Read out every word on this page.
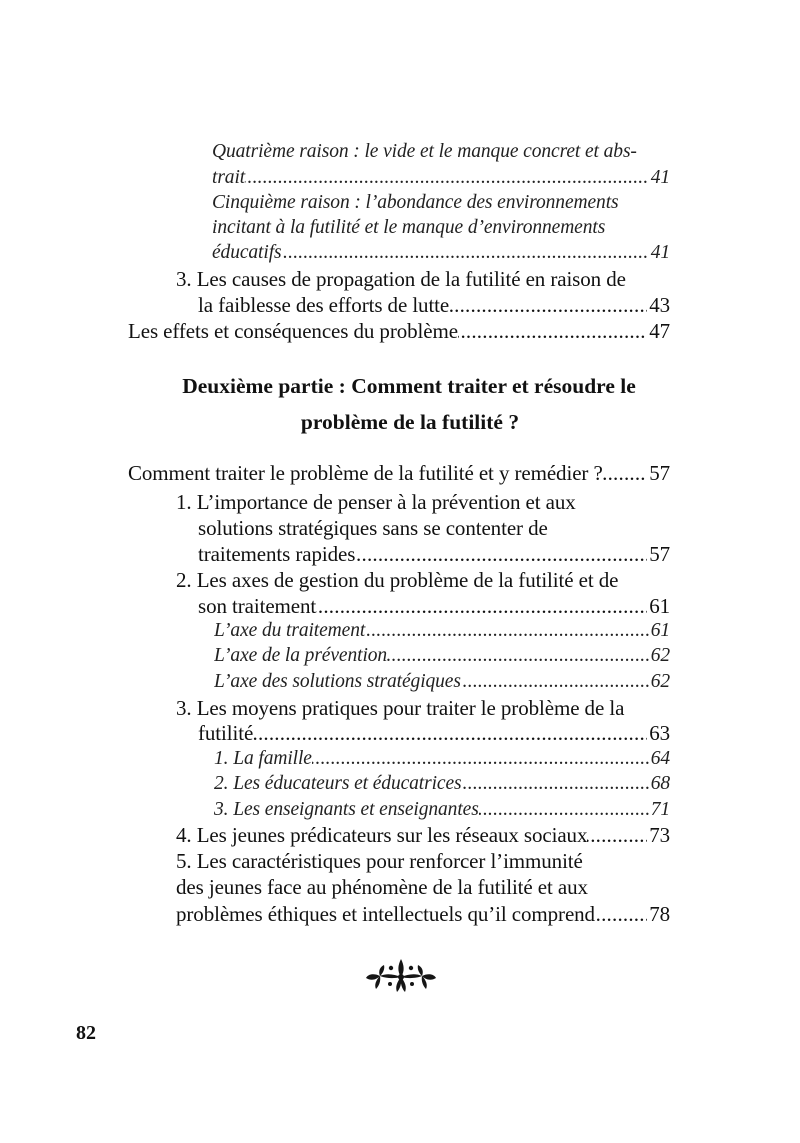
Quatrième raison : le vide et le manque concret et abs-
trait	41
.....
Cinquième raison : l’abondance des environnements
incitant à la futilité et le manque d’environnements
éducatifs	41
.....
3. Les causes de propagation de la futilité en raison de
la faiblesse des efforts de lutte	43
.....
Les effets et conséquences du problème	47
.....
Deuxième partie : Comment traiter et résoudre le
problème de la futilité ?
Comment traiter le problème de la futilité et y remédier ? 57
.....
1. L’importance de penser à la prévention et aux
solutions stratégiques sans se contenter de
traitements rapides	57
.....
2. Les axes de gestion du problème de la futilité et de
son traitement	61
.....
L’axe du traitement	61
.....
L’axe de la prévention	62
.....
L’axe des solutions stratégiques	62
.....
3. Les moyens pratiques pour traiter le problème de la
futilité	63
.....
1. La famille	64
.....
2. Les éducateurs et éducatrices	68
.....
3. Les enseignants et enseignantes	71
.....
4. Les jeunes prédicateurs sur les réseaux sociaux	73
.....
5. Les caractéristiques pour renforcer l’immunité
des jeunes face au phénomène de la futilité et aux
problèmes éthiques et intellectuels qu’il comprend	78
.....
82
